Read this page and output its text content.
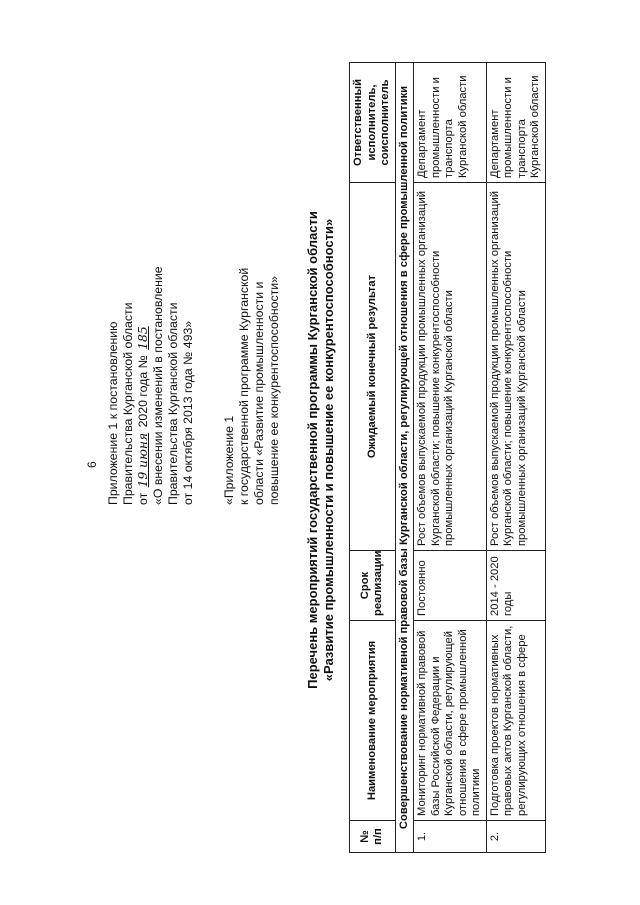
6 Приложение 1 к постановлению Правительства Курганской области от 19 июня 2020 года № 185 «О внесении изменений в постановление Правительства Курганской области от 14 октября 2013 года № 493» «Приложение 1 к государственной программе Курганской области «Развитие промышленности и повышение ее конкурентоспособности» Перечень мероприятий государственной программы Курганской области «Развитие промышленности и повышение ее конкурентоспособности»
№ п/п	Наименование мероприятия	Срок реализации	Ожидаемый конечный результат	Ответственный исполнитель, соисполнитель
Совершенствование нормативной правовой базы Курганской области, регулирующей отношения в сфере промышленной политики				
1.	Мониторинг нормативной правовой базы Российской Федерации и Курганской области, регулирующей отношения в сфере промышленной политики	Постоянно	Рост объемов выпускаемой продукции промышленных организаций Курганской области; повышение конкурентоспособности промышленных организаций Курганской области	Департамент промышленности и транспорта Курганской области
2.	Подготовка проектов нормативных правовых актов Курганской области, регулирующих отношения в сфере	2014 - 2020 годы	Рост объемов выпускаемой продукции промышленных организаций Курганской области; повышение конкурентоспособности промышленных организаций Курганской области	Департамент промышленности и транспорта Курганской области
